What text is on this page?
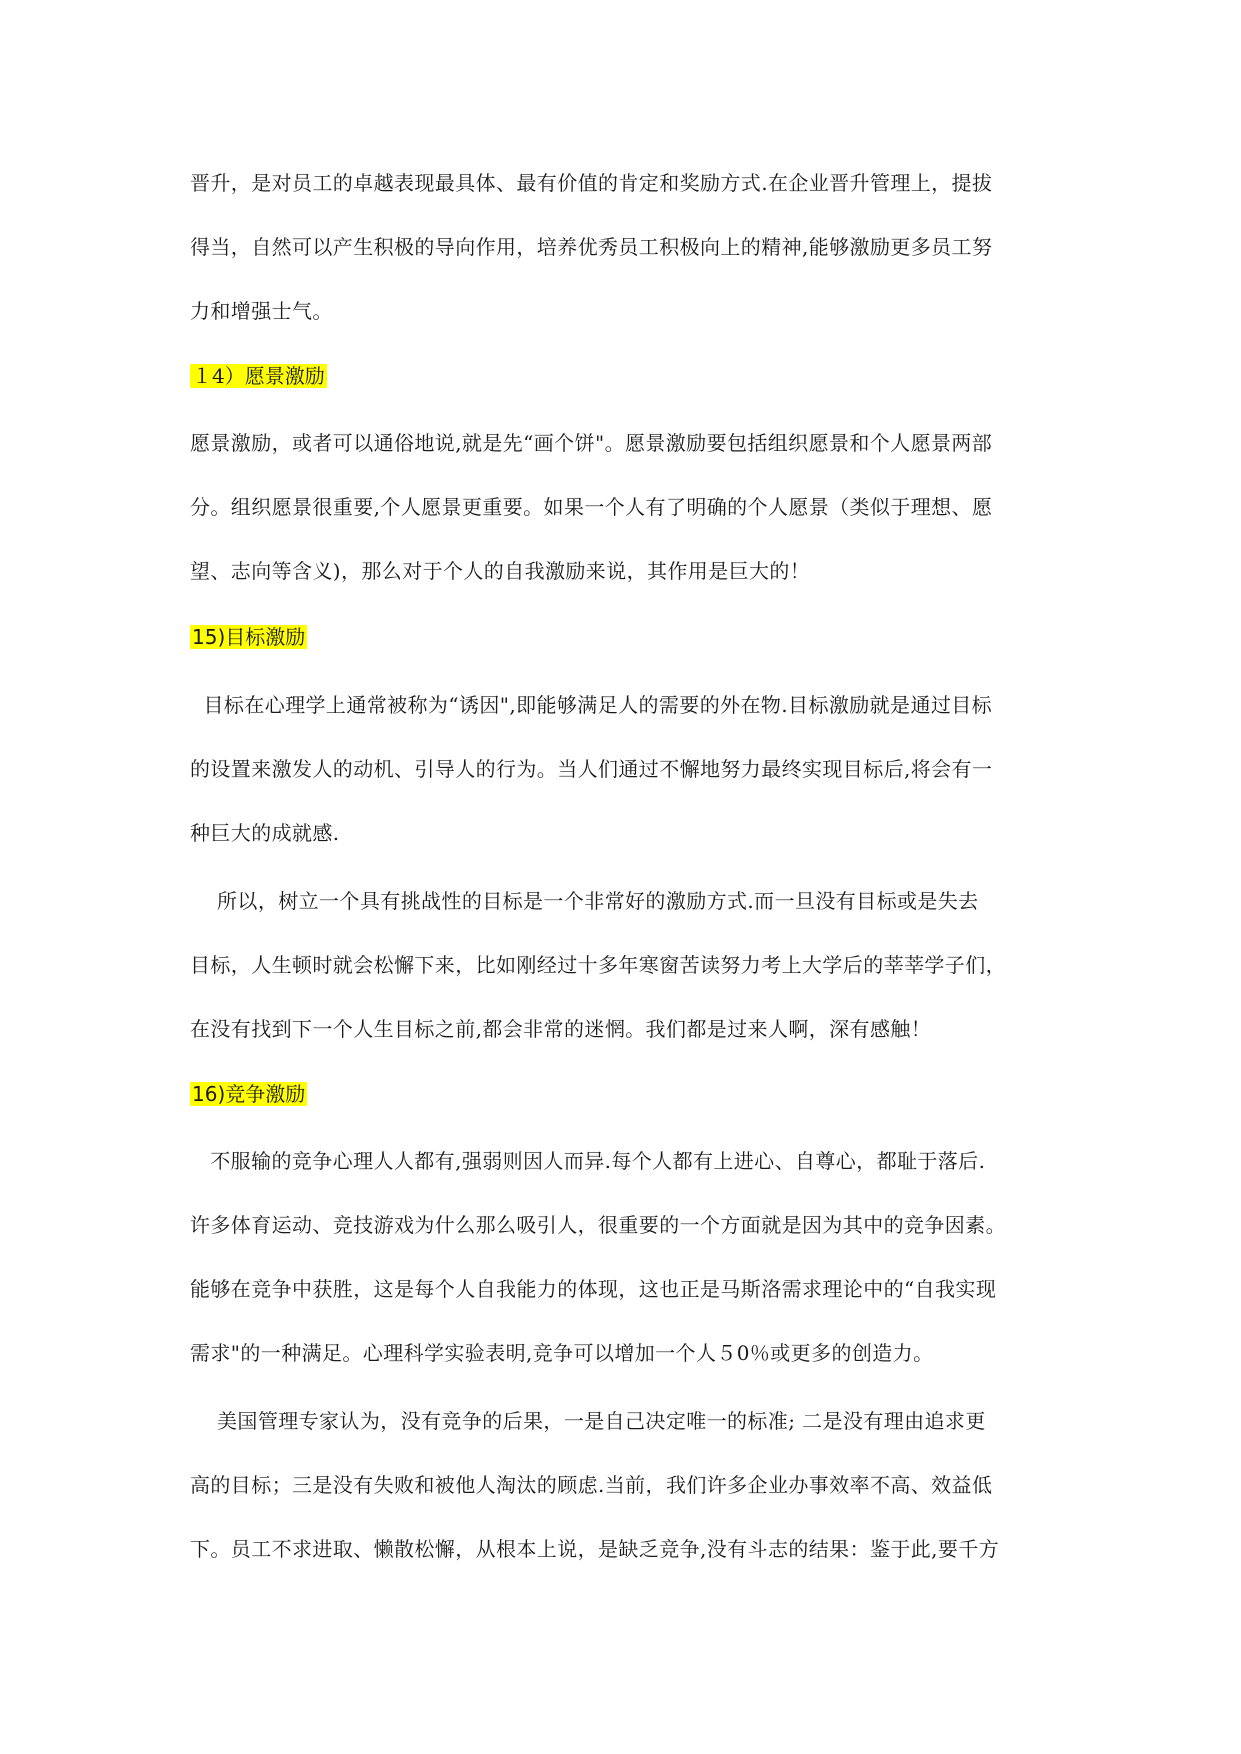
晋升，是对员工的卓越表现最具体、最有价值的肯定和奖励方式.在企业晋升管理上，提拔
得当，自然可以产生积极的导向作用，培养优秀员工积极向上的精神,能够激励更多员工努
力和增强士气。
１4）愿景激励
愿景激励，或者可以通俗地说,就是先“画个饼"。愿景激励要包括组织愿景和个人愿景两部
分。组织愿景很重要,个人愿景更重要。如果一个人有了明确的个人愿景（类似于理想、愿
望、志向等含义)，那么对于个人的自我激励来说，其作用是巨大的！
15)目标激励
目标在心理学上通常被称为“诱因",即能够满足人的需要的外在物.目标激励就是通过目标
的设置来激发人的动机、引导人的行为。当人们通过不懈地努力最终实现目标后,将会有一
种巨大的成就感.
所以，树立一个具有挑战性的目标是一个非常好的激励方式.而一旦没有目标或是失去
目标，人生顿时就会松懈下来，比如刚经过十多年寒窗苦读努力考上大学后的莘莘学子们，
在没有找到下一个人生目标之前,都会非常的迷惘。我们都是过来人啊，深有感触！
16)竞争激励
不服输的竞争心理人人都有,强弱则因人而异.每个人都有上进心、自尊心，都耻于落后.
许多体育运动、竞技游戏为什么那么吸引人，很重要的一个方面就是因为其中的竞争因素。
能够在竞争中获胜，这是每个人自我能力的体现，这也正是马斯洛需求理论中的“自我实现
需求"的一种满足。心理科学实验表明,竞争可以增加一个人５0％或更多的创造力。
美国管理专家认为，没有竞争的后果，一是自己决定唯一的标准; 二是没有理由追求更
高的目标；三是没有失败和被他人淘汰的顾虑.当前，我们许多企业办事效率不高、效益低
下。员工不求进取、懒散松懈，从根本上说，是缺乏竞争,没有斗志的结果：鉴于此,要千方
